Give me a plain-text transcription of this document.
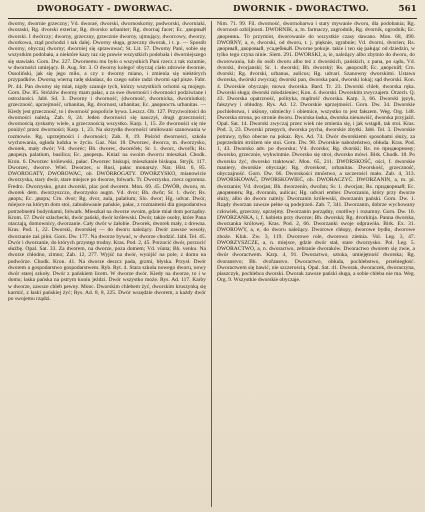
DWOROGATY - DWORWAC.	DWORNIK - DWORACTWO.	561

dworny, dwornie grzeczny; Vd. dworaé, dworski, dwornoskorny, podworski, dworniaki, dworaski, Rg. dvorski exteriar, Rg. dvorsko urbaniter; Rg. dvornaj facer; Ec. двориый dworski. I dwórczy; dworny, grzeczny, grzecznie dworny, ujmujący, dworcowy, dworzy, dworkowa, ztąd pochodzi i tak dalej. Dworny sługa, grzeczny dworak, i t. p. — Sposób dworny, obyczaj dworny; dworniej się sprawować; St. Lit. 57. Dworny Pani, sobie się wszystkim podobała, a niektóre kazy raz się prawie wszystkich podobała i dworniejszego się stawiało. Gorn. Dw. 227. Dwornemu mu było o wszystkich Pani rzecz z tak rozumie, w dworności umiejący. B. Aug. Str. 3. O dworny kolego! obyczaj ciało zdrowie dwornie, Ossoliński, jak się jego miło, a czy z dworny miano, i zmienia się niektórych przypadków. Dworną wierną radę składasz, do czego sobie radzi dworni sąd pisze. Fabr. Pr. 44. Pan dworny się miał, nigdy szanuje tych, którzy wszystkich ochotni są mojego. Gorn. Dw. 85. Stróżów dworny mam pałac, a za swe dworności i dworności podziwiane i ostrożności. Jabł. Sd. 3. Dworny i dworność, (dworność, dwornicka, dworniutko); grzeczność, uprzejmość, urbanitas, Rg. dvornost, urbanitas; Ec. двориость urbanitas. — Kiedy jest grzeczność, to i dworność pospolicie bywa. Leszcz. Ob. 127. Przyzwoitości do dworności należą. Zab. 8, 24. Jeden dworności się nauczył, drugi grzeczności; dwornością zyskamy wiele, a grzecznością wszystko. Karp. 1, 15. Ze dworności się nie poniżyć przez dworności; Karp. 1, 23. Na skrzydła dworności umiłowani szanowania w rozmowie. Rg. uprzejmości i dworności; Zab. 8, 19. Pośród dworności, szkoła wychowania, ogłada ludzka w życiu. Gaz. Nar. 18. Dworzec, dworca, m. dworzysko, dworek, mały dwór; Vd. dworéc; Bh. dworec, dworeček; Sr. 1. dworc, dworčk; Rs. дворецъ palatium, basilica; Ec. дворецъ. Kniaź na swoim dworcu mieszkał. Chodk. Kron. 6. Dworzec królewski, pałac. Dworzec biskupi, mieszkanie biskupa. Stryjk. 117. Dworzec, dworce. Wiel. Dworzec, u Rusi, pałac monarszy. Nar. Hist. 6, 85. DWOROGATY, DWOROWAC, ob. DWÓRROGATY. DWORZYSKO, mianowicie dworzyska, stary dwór, stare miejsce po dworze, folwark. Tr. Dworzysko, rzecz ogromna. Fredro. Dworzysko, grunt dworski, plac pod dworem. Mon. 69. 45. DWÓR, dworu, m. dworek dem. dworzyszczo, dworzysko augm. Vd. dvor; Bh. dwůr; Sr. 1. dwór; Rs. дворъ; Ec. дворъ; Crn. dvor; Rg. dvor, aula, palatium; Slo. dwor; Hg. udvar. Dwór, miejsce na którym dom stoi, zabudowanie pańskie, pałac, z rozmaitemi dla gospodarstwa potrzebnemi budynkami, folwark. Mieszkał na dworze swoim, gdzie miał dom porządny. Krom. 57. Dwór szlachecki, dwór pański, dwór królewski. Dwór, także osoby, które Pana otaczają, domownicy, dworzanie. Cały dwór w żałobie. Dworek, dworek mały, z drewna. Kras. Pod. 1, 22. Dworski, dworskiej — do dworu należący. Dwór zawsze wesoły, dworzanie zaś pilni. Gorn. Dw. 177. Na dworze bywać, w dworze chodzić. Jabł. Tel. 45. Dwór i dworzanie, do których przystęp trudny. Kras. Pod. 2, 45. Porzucić dwór, porzucić służbę. Opal. Sat. 33. Za dworem, na dworze, poza domem; Vd. vünta; Bh. venku. Na dworze chłodno, zimno; Zab. 12, 277. Wyjść na dwór, wynijść na pole, z domu na podwórze. Chodk. Kron. 41. Na dworze deszcz pada, grzmi, błyska. Przysł. Dwór dworem a gospodarstwo gospodarstwem. Ryb. Ryt. 4. Stara szkoła nowego dworu, nowy dwór starej szkoły. Dwór z pańskiem licem. W dworze dwór. Kiedy na dworze, to i w domu; łaska pańska na pstrym koniu jeździ. Dwór wszystko może. Rys. Ad. 117. Karby w dworze, zawsze chleb pewny. Monc. Dworskim chlebem żyć, dworskim kruszynką się karmić, z łaski pańskiej żyć; Rys. Ad. 8, 8, 225. Dwór wszędzie dworem, a każdy dwór po swojemu rządzi.

Nim. 71. 99. Fil. dworność, dwornobarwa i stary mywanie dworu, dla podobania; Rg. dvornosti ozbiljnosti. DWORNIK, a, m. farmaczy, zagrodnik, Rg. dvornik, ogrodnik; Ec. дворникъ. To przymiot, dworowanie do wszystkie czasy dawano. Mon. 68, 490. DWORNY, a, e, dworski, od dworu, t. j. pięknie, zgrabnie; Vd. dvorni, dvorien; Rs. дворный, дворовый, усадебный. Dworne pokoje. takie i ten się pałując od dziedzin, w tylko tego czyna ninie. Siem. 291. DWORSKI, a, ie, należący albo zbytnio do dworu, do dworowania, lub do osób dworu albo też z dworskich, pańskich, z pana, po sądu, Vd. dvorski, dvorjanski; Sr. 1. dworski; Bh. dworský; Rs. дворскій; Ec. дворскій; Crn. dvorski; Rg. dvorski, urbanus, aulicus; Hg. udvari. Szanowny dworskimi. Ustawa dworska, dwórski zwyczaj; dworski pan, dworska pani, dworski lokaj; sąd dworski. Kon. 4. Dworskie obyczaje, mowa dworska. Bard. Tr. 23. Dworski chleb, dworska ręka. Dworski sługa; dworski młodzieniec; Kon. 4. dworski. Dworskim zwyczajem. Orzech. Q. 43. Dworska opatrzność, polityka, mądrość dworska. Karp. 3, 66. Dworski język, fałszywy i obłudny. Rys. Ad. 12. Dworskie uprzejmości. Gorn. Dw. 34. Dworskie pochlebstwa, i ukłony, uśmiechy i obietnice, wszystko to jest fałszem. Weg. Org. 148. Dworska strona, po stronie dworu. Dworska łaska, dworska nienawiść, dworska przyjaźń. Opal. Sat. 14. Dworski zwyczaj przez wiek nie zmienia się, i jak wstąpił, tak stoi. Kras. Pod. 3, 23. Dworski przepych, dworska pycha, dworskie zbytki. Jabł. Tel. 3. Dworskie potrawy, tylko obecne na pokaz. Rys. Ad. 74. Dwór dworskiemi sposobami służy, za poprzednim stróżem nie stoi. Gorn. Dw. 98. Dworskie nabożeństwo, obłuda. Kras. Pod. 1, 43. Dworsko adv. po dworsku; Vd. dvorsko; Rg. dvorski; Rs. по придворному; dworsko, grzecznie, wykwintnie. Dworsko się stroi, dworsko mówi. Birk. Chodk. 18. Po dworsku żyć, dworsko traktować. Mon. 65, 211. DWORSKOŚĆ, ości, f. dworskie maniery, dworskie obyczaje; Rg. dvorskost, urbanitas. Dworskość, grzeczność, obyczajność. Gorn. Dw. 66. Dworskości mnóstwo, a szczerości mało. Zab. 4, 313. DWORSKOWAĆ, DWORSKOWIEĆ, ob. DWORACZYĆ. DWORZANIN, a, m. pl. dworzanie; Vd. dvorjan; Bh. dworzenín, dwořan; Sr. 1. dworjan; Rs. придворный; Ec. дворянинъ; Rg. dvoranin, aulicus; Hg. udvari ember. Dworzanin, który przy dworze służy, albo do dworu należy. Dworzanin królewski, dworzanin pański. Gorn. Dw. 1. Rządy dworzan zawsze pełne są podejrzeń. Zab. 7, 341. Dworzanin, dobrze wychowany człowiek, grzeczny, uprzejmy. Dworzanin porządny, cnotliwy i rozumny. Gorn. Dw. 16. DWORZANKA, i, f. kobieta przy dworze; Bh. dworská; Rg. dvorkinja. Panna dworska, dworzanka królowej. Kras. Pod. 2, 66. Dworzanki swoje odprawiła. Birk. Ex. 31. DWOROWY, a, e, do dworu należący. Dworowe chłopy, dworowe bydło, dworowe zboże. Kluk. Zw. 3, 119. Dworowe role, dworowa ziemia. Vol. Leg. 3, 47. DWORZYSZCZE, a, n. miejsce, gdzie dwór stał, stare dworzysko. Pol. Leg. 5. DWORACTWO, a, n. dworactwo, zebranie dworaków. Dworactwo dworem się zwie, a dwór dworactwem. Karp. 4, 91. Dworactwo, sztuka, umiejętność dworska; Rg. dvoranstvo; Bh. dvořanstvo. Dworactwo, obłuda, pochlebstwo, przebiegłość. Dworactwem się bawić, nie szczerością. Opal. Sat. 41. Dworak, dworaczek, dworaczyna, płaszczyk, pochlebca dworski. Dworak zawsze pański sługa, a sobie chleba nie ma. Weg. Org. 9. Wszystkie dworskie obyczaje.
